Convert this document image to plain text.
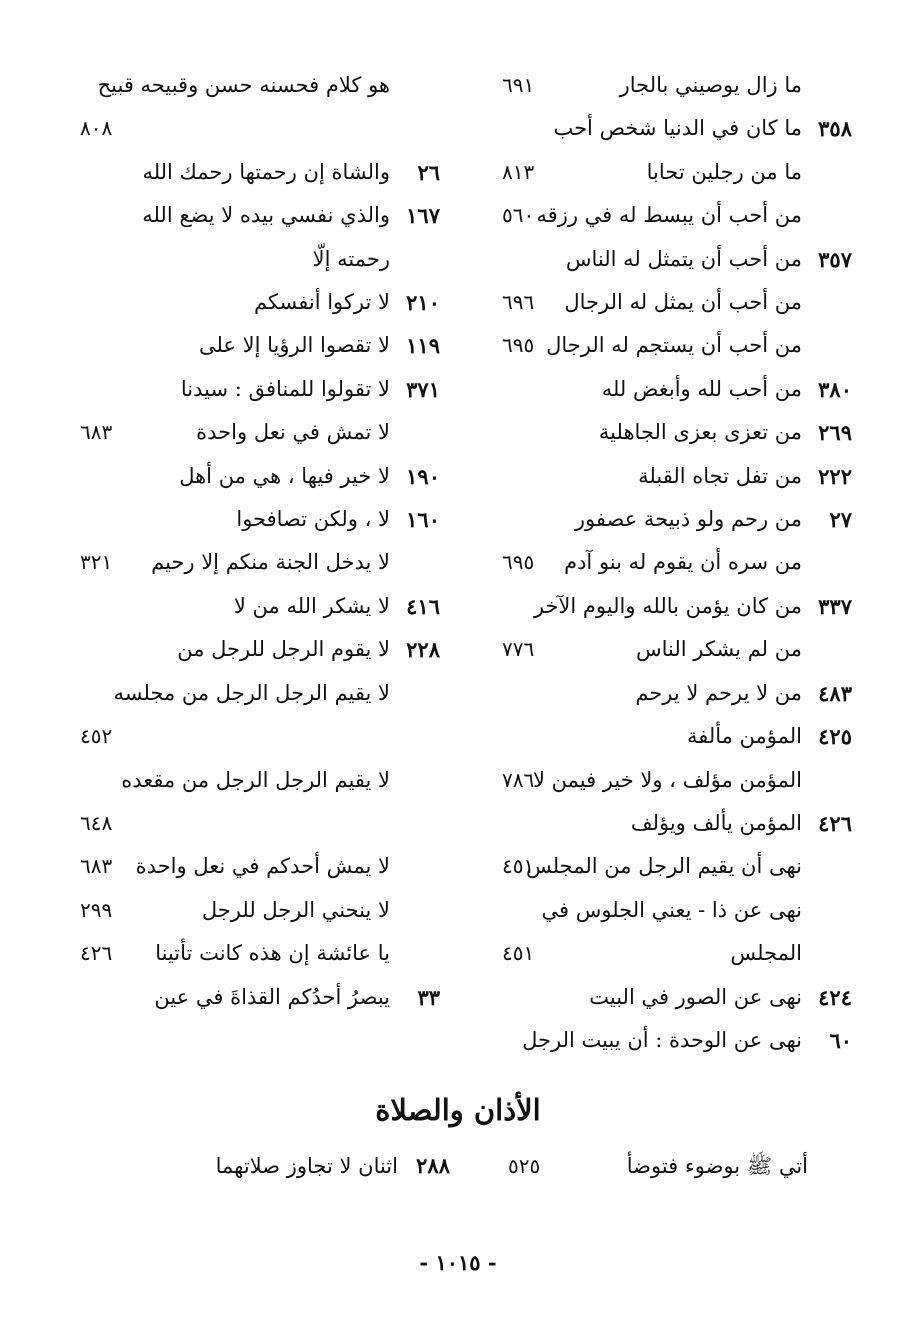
ما زال يوصيني بالجار
٦٩١
٣٥٨
ما كان في الدنيا شخص أحب
ما من رجلين تحابا
٨١٣
من أحب أن يبسط له في رزقه
٥٦٠
٣٥٧
من أحب أن يتمثل له الناس
من أحب أن يمثل له الرجال
٦٩٦
من أحب أن يستجم له الرجال
٦٩٥
٣٨٠
من أحب لله وأبغض لله
٢٦٩
من تعزى بعزى الجاهلية
٢٢٢
من تفل تجاه القبلة
٢٧
من رحم ولو ذبيحة عصفور
من سره أن يقوم له بنو آدم
٦٩٥
٣٣٧
من كان يؤمن بالله واليوم الآخر
من لم يشكر الناس
٧٧٦
٤٨٣
من لا يرحم لا يرحم
٤٢٥
المؤمن مألفة
المؤمن مؤلف ، ولا خير فيمن لا
٧٨٦
٤٢٦
المؤمن يألف ويؤلف
نهى أن يقيم الرجل من المجلس
٤٥١
نهى عن ذا - يعني الجلوس في
المجلس
٤٥١
٤٢٤
نهى عن الصور في البيت
٦٠
نهى عن الوحدة : أن يبيت الرجل
هو كلام فحسنه حسن وقبيحه قبيح
٨٠٨
٢٦
والشاة إن رحمتها رحمك الله
١٦٧
والذي نفسي بيده لا يضع الله
رحمته إلّا
٢١٠
لا تركوا أنفسكم
١١٩
لا تقصوا الرؤيا إلا على
٣٧١
لا تقولوا للمنافق : سيدنا
لا تمش في نعل واحدة
٦٨٣
١٩٠
لا خير فيها ، هي من أهل
١٦٠
لا ، ولكن تصافحوا
لا يدخل الجنة منكم إلا رحيم
٣٢١
٤١٦
لا يشكر الله من لا
٢٢٨
لا يقوم الرجل للرجل من
لا يقيم الرجل الرجل من مجلسه
٤٥٢
لا يقيم الرجل الرجل من مقعده
٦٤٨
لا يمش أحدكم في نعل واحدة
٦٨٣
لا ينحني الرجل للرجل
٢٩٩
يا عائشة إن هذه كانت تأتينا
٤٢٦
٣٣
يبصرُ أحدُكم القذاةَ في عين
الأذان والصلاة
أتي ﷺ بوضوء فتوضأ
٥٢٥
٢٨٨
اثنان لا تجاوز صلاتهما
- ١٠١٥ -
